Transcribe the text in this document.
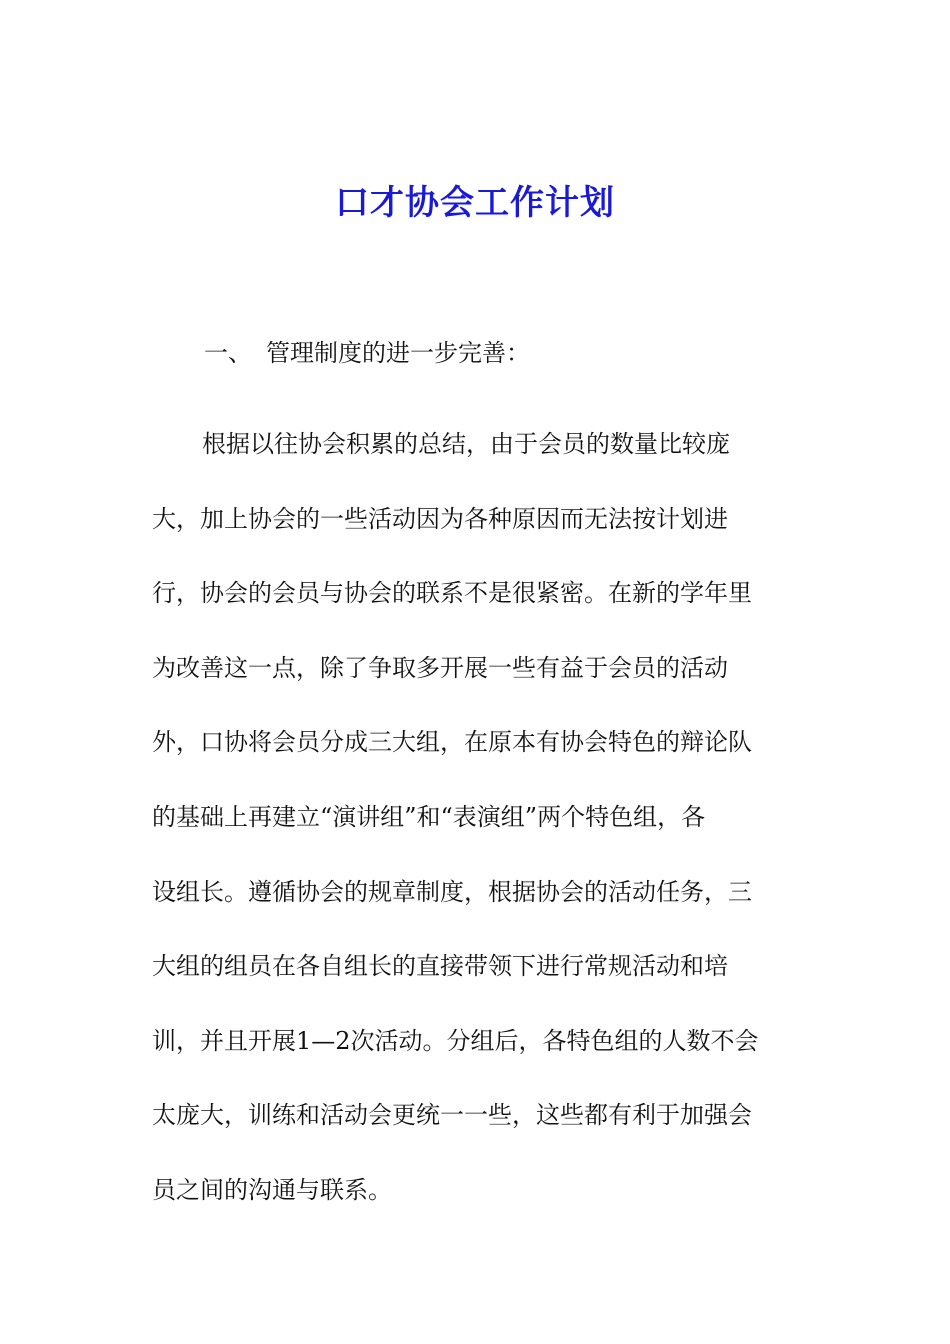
口才协会工作计划
一、 管理制度的进一步完善：
根据以往协会积累的总结，由于会员的数量比较庞
大，加上协会的一些活动因为各种原因而无法按计划进
行，协会的会员与协会的联系不是很紧密。在新的学年里
为改善这一点，除了争取多开展一些有益于会员的活动
外，口协将会员分成三大组，在原本有协会特色的辩论队
的基础上再建立“演讲组”和“表演组”两个特色组，各
设组长。遵循协会的规章制度，根据协会的活动任务，三
大组的组员在各自组长的直接带领下进行常规活动和培
训，并且开展1—2次活动。分组后，各特色组的人数不会
太庞大，训练和活动会更统一一些，这些都有利于加强会
员之间的沟通与联系。
